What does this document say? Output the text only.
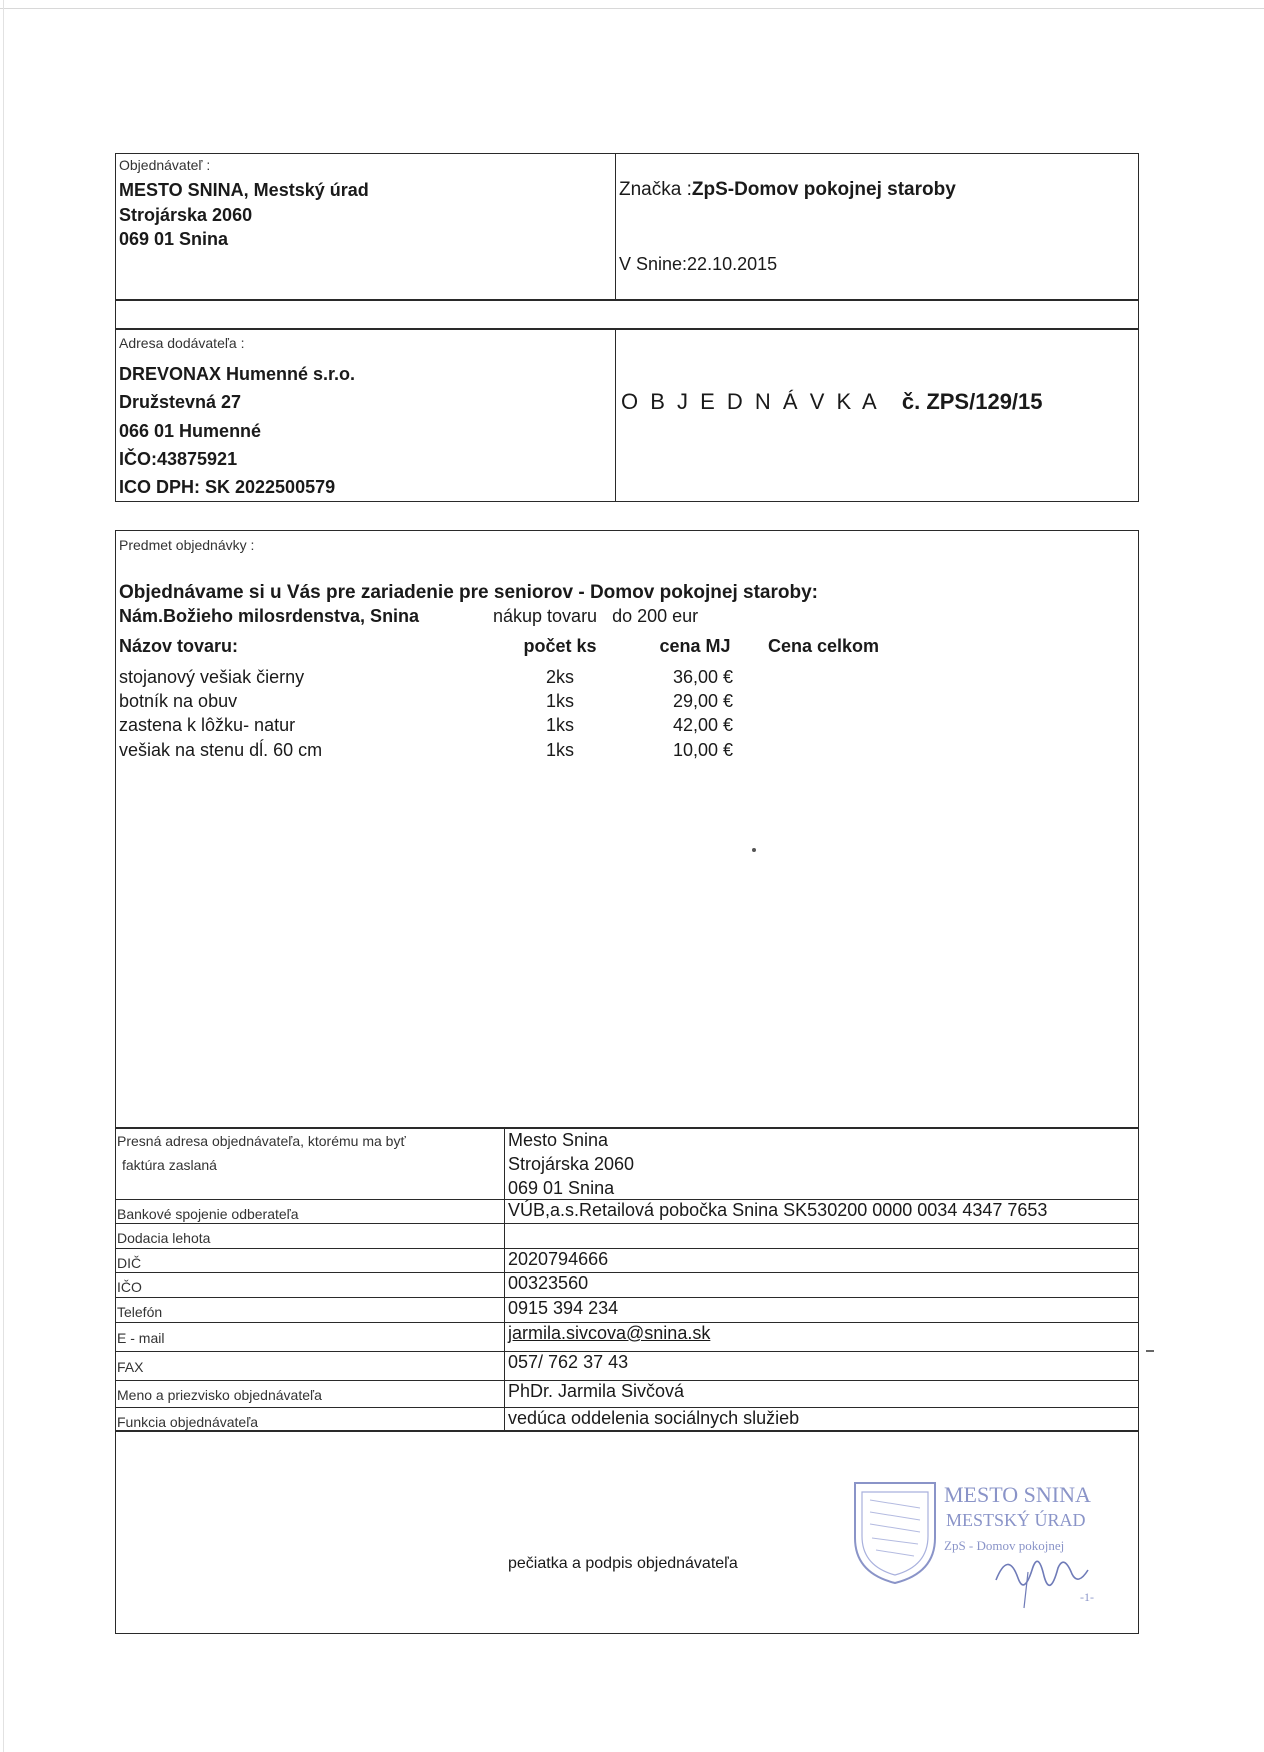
Objednávateľ :
MESTO SNINA, Mestský úrad
Strojárska 2060
069 01 Snina
Značka :ZpS-Domov pokojnej staroby
V Snine:22.10.2015
Adresa dodávateľa :
DREVONAX Humenné s.r.o.
Družstevná 27
066 01 Humenné
IČO:43875921
ICO DPH: SK 2022500579
O B J E D N Á V K A č. ZPS/129/15
Predmet objednávky :
Objednávame si u Vás pre zariadenie pre seniorov - Domov pokojnej staroby:
Nám.Božieho milosrdenstva, Snina	nákup tovaru   do 200 eur
Názov tovaru:	počet ks	cena MJ	Cena celkom
stojanový vešiak čierny	2ks	36,00 €
botník na obuv	1ks	29,00 €
zastena k lôžku- natur	1ks	42,00 €
vešiak na stenu dĺ. 60 cm	1ks	10,00 €
Presná adresa objednávateľa, ktorému ma byť
faktúra zaslaná
Mesto Snina
Strojárska 2060
069 01 Snina
Bankové spojenie odberateľa	VÚB,a.s.Retailová pobočka Snina SK530200 0000 0034 4347 7653
Dodacia lehota
DIČ	2020794666
IČO	00323560
Telefón	0915 394 234
E - mail	jarmila.sivcova@snina.sk
FAX	057/ 762 37 43
Meno a priezvisko objednávateľa	PhDr. Jarmila Sivčová
Funkcia objednávateľa	vedúca oddelenia sociálnych služieb
pečiatka a podpis objednávateľa
MESTO SNINA
MESTSKÝ ÚRAD
ZpS - Domov pokojnej
-1-
